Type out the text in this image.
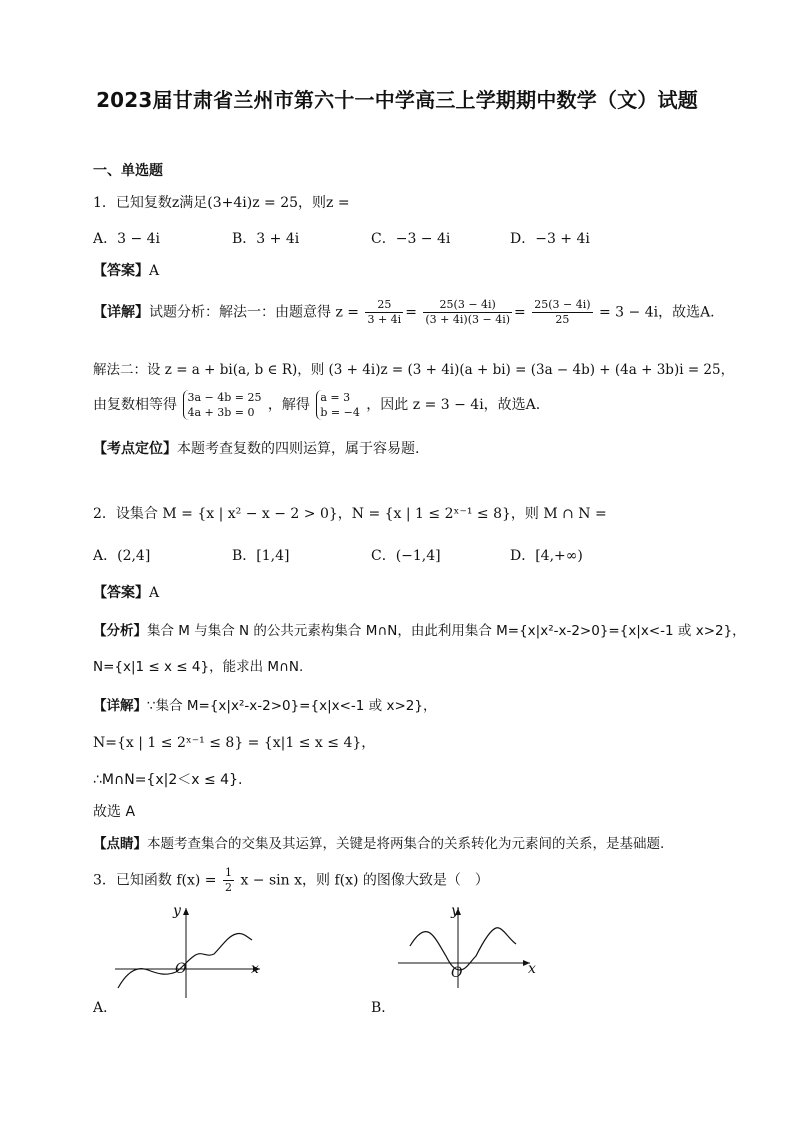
2023届甘肃省兰州市第六十一中学高三上学期期中数学（文）试题
一、单选题
1．已知复数z满足(3+4i)z = 25，则z =
A．3 − 4i	B．3 + 4i	C．−3 − 4i	D．−3 + 4i
【答案】A
【详解】试题分析：解法一：由题意得 $z = \frac{25}{3 + 4i} = \frac{25(3 - 4i)}{(3 + 4i)(3 - 4i)} = \frac{25(3 - 4i)}{25} = 3 - 4i$，故选A.
解法二：设 z = a + bi(a, b ∈ R)，则 (3 + 4i)z = (3 + 4i)(a + bi) = (3a − 4b) + (4a + 3b)i = 25，
由复数相等得 3a − 4b = 25
4a + 3b = 0 ，解得 a = 3
b = −4 ，因此 z = 3 − 4i，故选A.
【考点定位】本题考查复数的四则运算，属于容易题.
2．设集合 M = {x | x² − x − 2 > 0}，N = {x | 1 ≤ 2ˣ⁻¹ ≤ 8}，则 M ∩ N =
A．(2,4]	B．[1,4]	C．(−1,4]	D．[4,+∞)
【答案】A
【分析】集合 M 与集合 N 的公共元素构集合 M∩N，由此利用集合 M={x|x²-x-2>0}={x|x<-1 或 x>2}，
N={x|1 ≤ x ≤ 4}，能求出 M∩N.
【详解】∵集合 M={x|x²-x-2>0}={x|x<-1 或 x>2}，
N={x | 1 ≤ 2ˣ⁻¹ ≤ 8} = {x|1 ≤ x ≤ 4}，
∴M∩N={x|2＜x ≤ 4}.
故选 A
【点睛】本题考查集合的交集及其运算，关键是将两集合的关系转化为元素间的关系，是基础题.
3．已知函数 $f(x) = \frac{1}{2}$ x − sin x，则 f(x) 的图像大致是（　）
y
x
O
A．
y
x
O
B．
